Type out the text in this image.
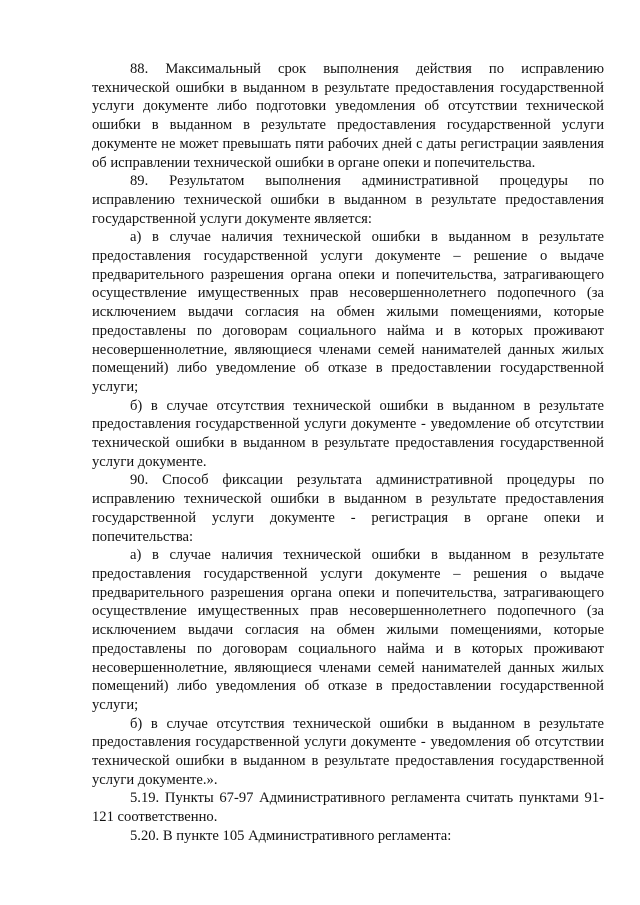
88. Максимальный срок выполнения действия по исправлению технической ошибки в выданном в результате предоставления государственной услуги документе либо подготовки уведомления об отсутствии технической ошибки в выданном в результате предоставления государственной услуги документе не может превышать пяти рабочих дней с даты регистрации заявления об исправлении технической ошибки в органе опеки и попечительства.

89. Результатом выполнения административной процедуры по исправлению технической ошибки в выданном в результате предоставления государственной услуги документе является:

а) в случае наличия технической ошибки в выданном в результате предоставления государственной услуги документе – решение о выдаче предварительного разрешения органа опеки и попечительства, затрагивающего осуществление имущественных прав несовершеннолетнего подопечного (за исключением выдачи согласия на обмен жилыми помещениями, которые предоставлены по договорам социального найма и в которых проживают несовершеннолетние, являющиеся членами семей нанимателей данных жилых помещений) либо уведомление об отказе в предоставлении государственной услуги;

б) в случае отсутствия технической ошибки в выданном в результате предоставления государственной услуги документе - уведомление об отсутствии технической ошибки в выданном в результате предоставления государственной услуги документе.

90. Способ фиксации результата административной процедуры по исправлению технической ошибки в выданном в результате предоставления государственной услуги документе - регистрация в органе опеки и попечительства:

а) в случае наличия технической ошибки в выданном в результате предоставления государственной услуги документе – решения о выдаче предварительного разрешения органа опеки и попечительства, затрагивающего осуществление имущественных прав несовершеннолетнего подопечного (за исключением выдачи согласия на обмен жилыми помещениями, которые предоставлены по договорам социального найма и в которых проживают несовершеннолетние, являющиеся членами семей нанимателей данных жилых помещений) либо уведомления об отказе в предоставлении государственной услуги;

б) в случае отсутствия технической ошибки в выданном в результате предоставления государственной услуги документе - уведомления об отсутствии технической ошибки в выданном в результате предоставления государственной услуги документе.».

5.19. Пункты 67-97 Административного регламента считать пунктами 91-121 соответственно.

5.20. В пункте 105 Административного регламента:
